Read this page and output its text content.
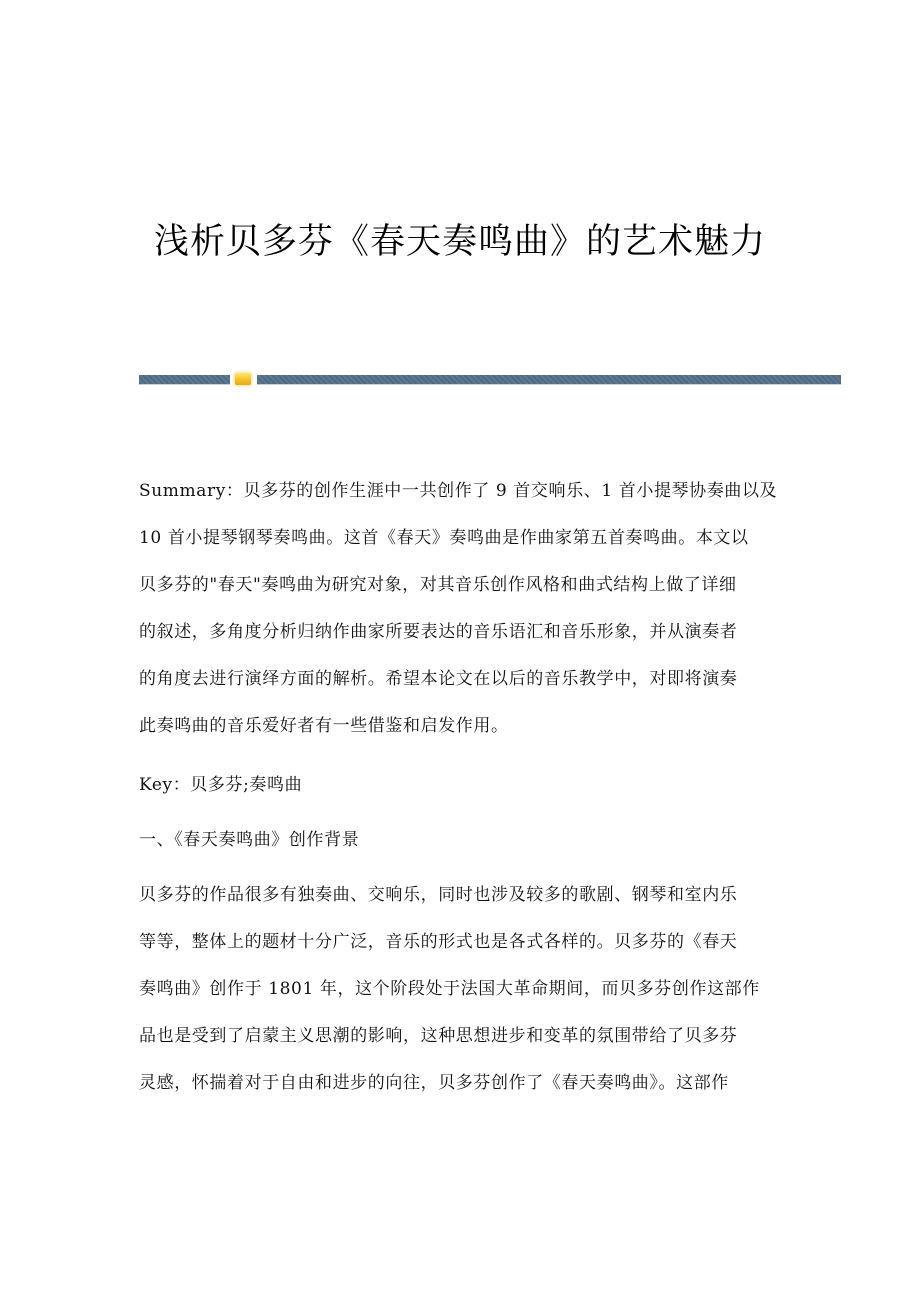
浅析贝多芬《春天奏鸣曲》的艺术魅力
Summary：贝多芬的创作生涯中一共创作了 9 首交响乐、1 首小提琴协奏曲以及
10 首小提琴钢琴奏鸣曲。这首《春天》奏鸣曲是作曲家第五首奏鸣曲。本文以
贝多芬的"春天"奏鸣曲为研究对象，对其音乐创作风格和曲式结构上做了详细
的叙述，多角度分析归纳作曲家所要表达的音乐语汇和音乐形象，并从演奏者
的角度去进行演绎方面的解析。希望本论文在以后的音乐教学中，对即将演奏
此奏鸣曲的音乐爱好者有一些借鉴和启发作用。
Key：贝多芬;奏鸣曲
一、《春天奏鸣曲》创作背景
贝多芬的作品很多有独奏曲、交响乐，同时也涉及较多的歌剧、钢琴和室内乐
等等，整体上的题材十分广泛，音乐的形式也是各式各样的。贝多芬的《春天
奏鸣曲》创作于 1801 年，这个阶段处于法国大革命期间，而贝多芬创作这部作
品也是受到了启蒙主义思潮的影响，这种思想进步和变革的氛围带给了贝多芬
灵感，怀揣着对于自由和进步的向往，贝多芬创作了《春天奏鸣曲》。这部作
